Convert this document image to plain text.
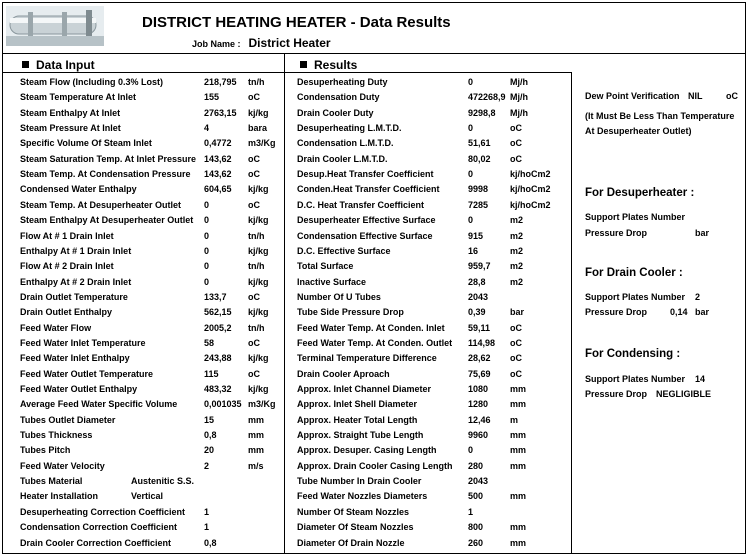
DISTRICT HEATING HEATER - Data Results
Job Name : District Heater
Data Input	Results
Steam Flow (Including 0.3% Lost)	218,795 tn/h
Steam Temperature At Inlet	155	oC
Steam Enthalpy At Inlet	2763,15 kj/kg
Steam Pressure At Inlet	4	bara
Specific Volume Of Steam Inlet	0,4772 m3/Kg
Steam Saturation Temp. At Inlet Pressure 143,62 oC
Steam Temp. At Condensation Pressure 143,62 oC
Condensed Water Enthalpy	604,65 kj/kg
Steam Temp. At Desuperheater Outlet	0	oC
Steam Enthalpy At Desuperheater Outlet 0	kj/kg
Flow At # 1 Drain Inlet	0	tn/h
Enthalpy At # 1 Drain Inlet	0	kj/kg
Flow At # 2 Drain Inlet	0	tn/h
Enthalpy At # 2 Drain Inlet	0	kj/kg
Drain Outlet Temperature	133,7 oC
Drain Outlet Enthalpy	562,15 kj/kg
Feed Water Flow	2005,2 tn/h
Feed Water Inlet Temperature	58	oC
Feed Water Inlet Enthalpy	243,88 kj/kg
Feed Water Outlet Temperature	115	oC
Feed Water Outlet Enthalpy	483,32 kj/kg
Average Feed Water Specific Volume	0,001035 m3/Kg
Tubes Outlet Diameter	15	mm
Tubes Thickness	0,8	mm
Tubes Pitch	20	mm
Feed Water Velocity	2	m/s
Tubes Material	Austenitic S.S.
Heater Installation	Vertical
Desuperheating Correction Coefficient 1
Condensation Correction Coefficient	1
Drain Cooler Correction Coefficient	0,8
Desuperheating Duty	0	Mj/h
Condensation Duty	472268,9 Mj/h
Drain Cooler Duty	9298,8 Mj/h
Desuperheating L.M.T.D.	0	oC
Condensation L.M.T.D.	51,61 oC
Drain Cooler L.M.T.D.	80,02 oC
Desup.Heat Transfer Coefficient	0	kj/hoCm2
Conden.Heat Transfer Coefficient	9998 kj/hoCm2
D.C. Heat Transfer Coefficient	7285 kj/hoCm2
Desuperheater Effective Surface	0	m2
Condensation Effective Surface	915	m2
D.C. Effective Surface	16	m2
Total Surface	959,7 m2
Inactive Surface	28,8	m2
Number Of U Tubes	2043
Tube Side Pressure Drop	0,39	bar
Feed Water Temp. At Conden. Inlet	59,11 oC
Feed Water Temp. At Conden. Outlet 114,98 oC
Terminal Temperature Difference	28,62 oC
Drain Cooler Aproach	75,69 oC
Approx. Inlet Channel Diameter	1080 mm
Approx. Inlet Shell Diameter	1280 mm
Approx. Heater Total Length	12,46 m
Approx. Straight Tube Length	9960 mm
Approx. Desuper. Casing Length	0	mm
Approx. Drain Cooler Casing Length 280	mm
Tube Number In Drain Cooler	2043
Feed Water Nozzles Diameters	500	mm
Number Of Steam Nozzles	1
Diameter Of Steam Nozzles	800	mm
Diameter Of Drain Nozzle	260	mm
Dew Point Verification NIL	oC
(It Must Be Less Than Temperature
At Desuperheater Outlet)
For Desuperheater :
Support Plates Number
Pressure Drop	bar
For Drain Cooler :
Support Plates Number 2
Pressure Drop	0,14 bar
For Condensing :
Support Plates Number 14
Pressure Drop NEGLIGIBLE
